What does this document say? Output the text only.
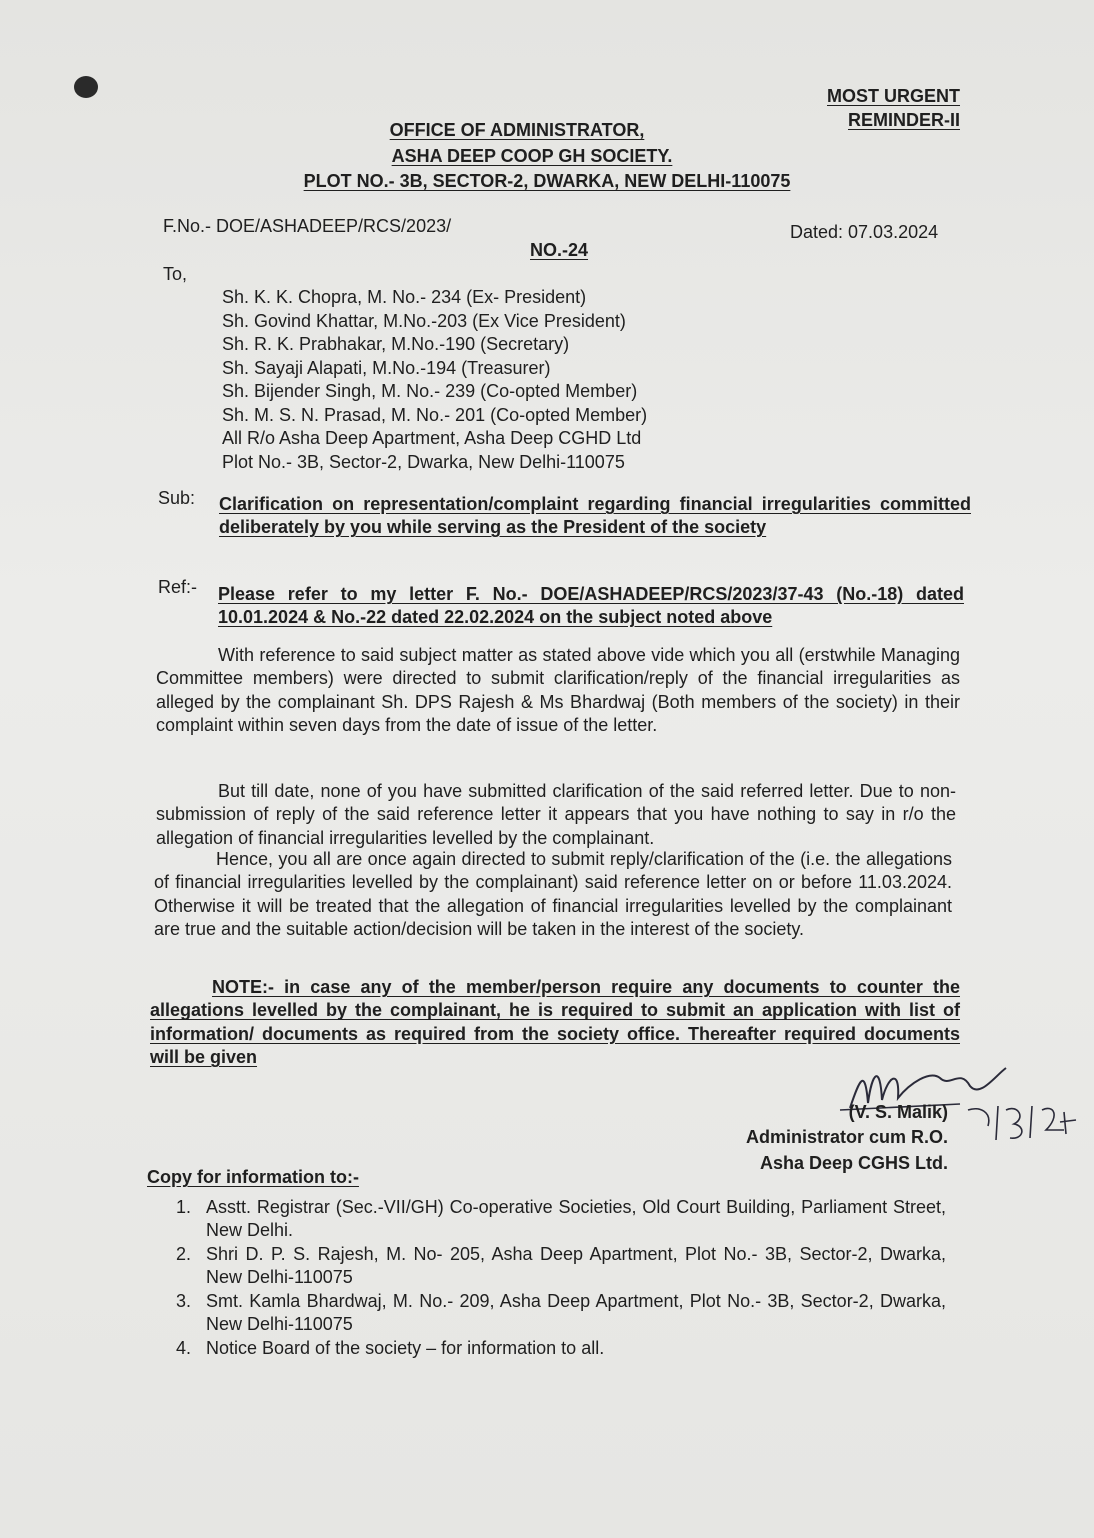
MOST URGENT
REMINDER-II
OFFICE OF ADMINISTRATOR,
ASHA DEEP COOP GH SOCIETY.
PLOT NO.- 3B, SECTOR-2, DWARKA, NEW DELHI-110075
F.No.- DOE/ASHADEEP/RCS/2023/	Dated: 07.03.2024
NO.-24
To,
Sh. K. K. Chopra, M. No.- 234 (Ex- President)
Sh. Govind Khattar, M.No.-203 (Ex Vice President)
Sh. R. K. Prabhakar, M.No.-190 (Secretary)
Sh. Sayaji Alapati, M.No.-194 (Treasurer)
Sh. Bijender Singh, M. No.- 239 (Co-opted Member)
Sh. M. S. N. Prasad, M. No.- 201 (Co-opted Member)
All R/o Asha Deep Apartment, Asha Deep CGHD Ltd
Plot No.- 3B, Sector-2, Dwarka, New Delhi-110075
Sub: Clarification on representation/complaint regarding financial irregularities committed deliberately by you while serving as the President of the society
Ref:- Please refer to my letter F. No.- DOE/ASHADEEP/RCS/2023/37-43 (No.-18) dated 10.01.2024 & No.-22 dated 22.02.2024 on the subject noted above
With reference to said subject matter as stated above vide which you all (erstwhile Managing Committee members) were directed to submit clarification/reply of the financial irregularities as alleged by the complainant Sh. DPS Rajesh & Ms Bhardwaj (Both members of the society) in their complaint within seven days from the date of issue of the letter.
But till date, none of you have submitted clarification of the said referred letter. Due to non-submission of reply of the said reference letter it appears that you have nothing to say in r/o the allegation of financial irregularities levelled by the complainant.
Hence, you all are once again directed to submit reply/clarification of the (i.e. the allegations of financial irregularities levelled by the complainant) said reference letter on or before 11.03.2024. Otherwise it will be treated that the allegation of financial irregularities levelled by the complainant are true and the suitable action/decision will be taken in the interest of the society.
NOTE:- in case any of the member/person require any documents to counter the allegations levelled by the complainant, he is required to submit an application with list of information/ documents as required from the society office. Thereafter required documents will be given
(V. S. Malik)
Administrator cum R.O.
Asha Deep CGHS Ltd.
Copy for information to:-
1. Asstt. Registrar (Sec.-VII/GH) Co-operative Societies, Old Court Building, Parliament Street, New Delhi.
2. Shri D. P. S. Rajesh, M. No- 205, Asha Deep Apartment, Plot No.- 3B, Sector-2, Dwarka, New Delhi-110075
3. Smt. Kamla Bhardwaj, M. No.- 209, Asha Deep Apartment, Plot No.- 3B, Sector-2, Dwarka, New Delhi-110075
4. Notice Board of the society – for information to all.
